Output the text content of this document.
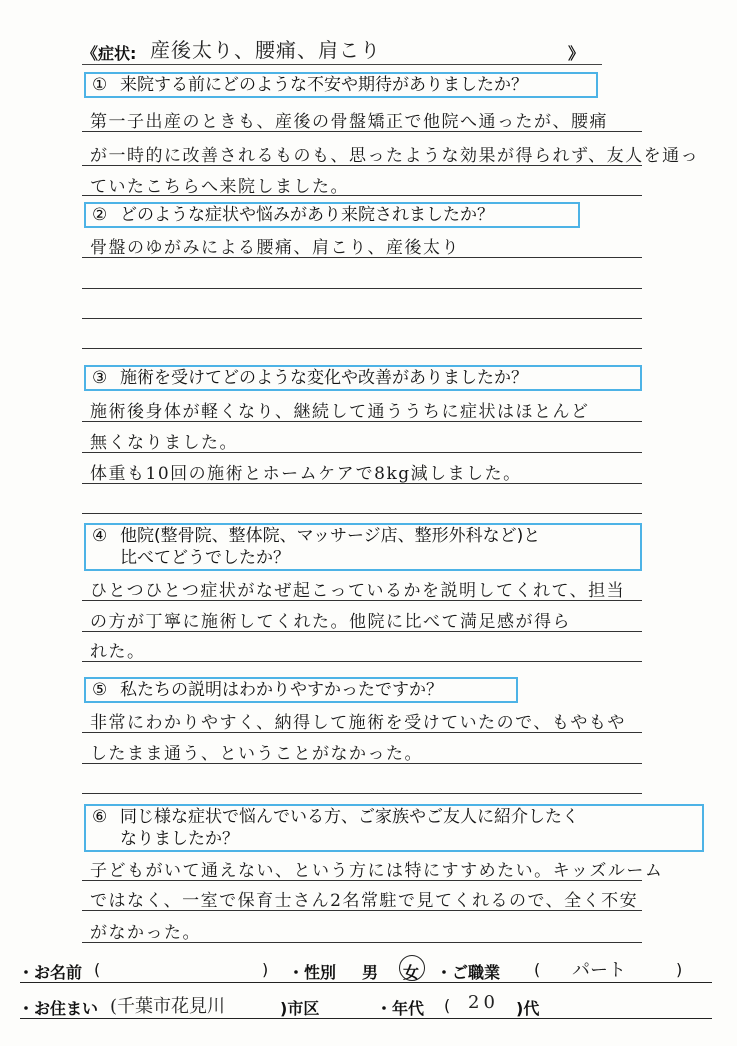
《症状: 産後太り、腰痛、肩こり	》
① 来院する前にどのような不安や期待がありましたか？
第一子出産のときも、産後の骨盤矯正で他院へ通ったが、腰痛
が一時的に改善されるものも、思ったような効果が得られず、友人を通っ
ていたこちらへ来院しました。
② どのような症状や悩みがあり来院されましたか？
骨盤のゆがみによる腰痛、肩こり、産後太り
③ 施術を受けてどのような変化や改善がありましたか？
施術後身体が軽くなり、継続して通ううちに症状はほとんど
無くなりました。
体重も10回の施術とホームケアで8kg減しました。
④ 他院(整骨院、整体院、マッサージ店、整形外科など)と
比べてどうでしたか？
ひとつひとつ症状がなぜ起こっているかを説明してくれて、担当
の方が丁寧に施術してくれた。他院に比べて満足感が得ら
れた。
⑤ 私たちの説明はわかりやすかったですか？
非常にわかりやすく、納得して施術を受けていたので、もやもや
したまま通う、ということがなかった。
⑥ 同じ様な症状で悩んでいる方、ご家族やご友人に紹介したく
なりましたか？
子どもがいて通えない、という方には特にすすめたい。キッズルーム
ではなく、一室で保育士さん2名常駐で見てくれるので、全く不安
がなかった。
・お名前 (	) ・性別 男 女 ・ご職業 ( パート	)
・お住まい (千葉市花見川	)市区	・年代 ( 20 )代
